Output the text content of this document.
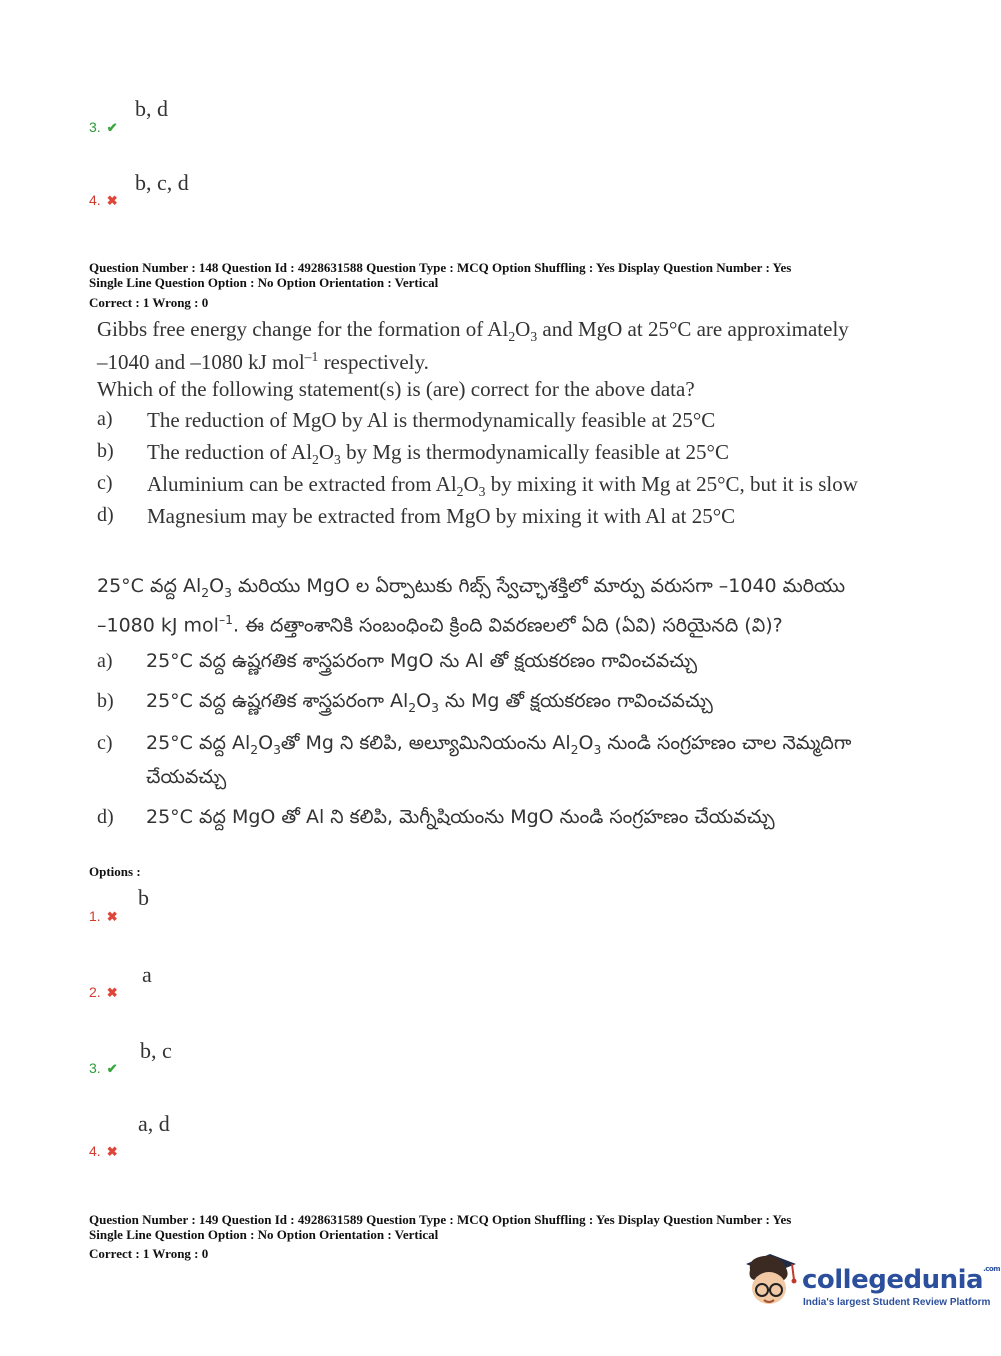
b, d
3. ✔
b, c, d
4. ✖
Question Number : 148 Question Id : 4928631588 Question Type : MCQ Option Shuffling : Yes Display Question Number : Yes
Single Line Question Option : No Option Orientation : Vertical
Correct : 1 Wrong : 0
Gibbs free energy change for the formation of $Al_2O_3$ and MgO at 25°C are approximately
–1040 and –1080 kJ mol$^{-1}$ respectively.
Which of the following statement(s) is (are) correct for the above data?
a) The reduction of MgO by Al is thermodynamically feasible at 25°C
b) The reduction of $Al_2O_3$ by Mg is thermodynamically feasible at 25°C
c) Aluminium can be extracted from $Al_2O_3$ by mixing it with Mg at 25°C, but it is slow
d) Magnesium may be extracted from MgO by mixing it with Al at 25°C
25°C వద్ద $Al_2O_3$ మరియు MgO ల ఏర్పాటుకు గిబ్స్ స్వేచ్ఛాశక్తిలో మార్పు వరుసగా –1040 మరియు
–1080 kJ mol$^{-1}$. ఈ దత్తాంశానికి సంబంధించి క్రింది వివరణలలో ఏది (ఏవి) సరియైనది (వి)?
a) 25°C వద్ద ఉష్ణగతిక శాస్త్రపరంగా MgO ను Al తో క్షయకరణం గావించవచ్చు
b) 25°C వద్ద ఉష్ణగతిక శాస్త్రపరంగా $Al_2O_3$ ను Mg తో క్షయకరణం గావించవచ్చు
c) 25°C వద్ద $Al_2O_3తో$ Mg ని కలిపి, అల్యూమినియంను $Al_2O_3$ నుండి సంగ్రహణం చాల నెమ్మదిగా
చేయవచ్చు
d) 25°C వద్ద MgO తో Al ని కలిపి, మెగ్నీషియంను MgO నుండి సంగ్రహణం చేయవచ్చు
Options :
b
1. ✖
a
2. ✖
b, c
3. ✔
a, d
4. ✖
Question Number : 149 Question Id : 4928631589 Question Type : MCQ Option Shuffling : Yes Display Question Number : Yes
Single Line Question Option : No Option Orientation : Vertical
Correct : 1 Wrong : 0
collegedunia$^{.com}$
India's largest Student Review Platform
